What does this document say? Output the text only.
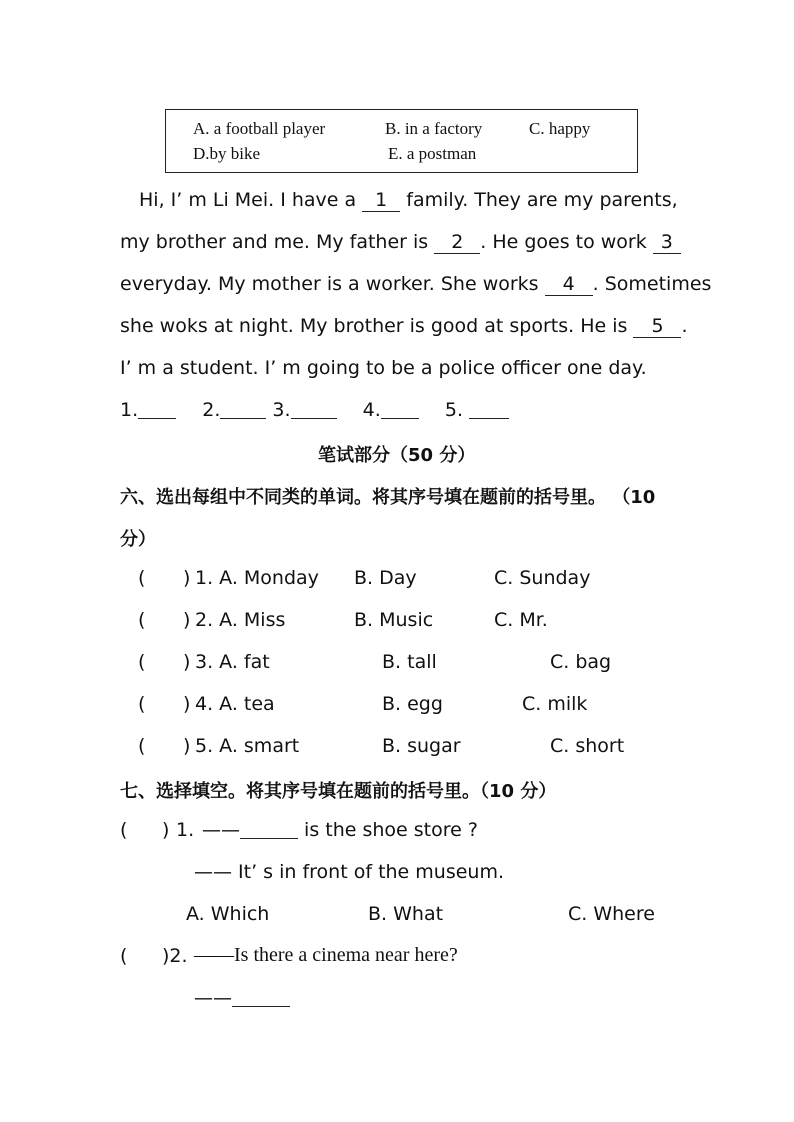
A. a football player	B. in a factory	C. happy
D.by bike	E. a postman
Hi, I’ m Li Mei. I have a 1 family. They are my parents,
my brother and me. My father is 2 . He goes to work 3
everyday. My mother is a worker. She works 4 . Sometimes
she woks at night. My brother is good at sports. He is 5 .
I’ m a student. I’ m going to be a police officer one day.
1.	2.	3.	4.	5.
笔试部分（50 分）
六、选出每组中不同类的单词。将其序号填在题前的括号里。 （10
分）
( ) 1. A. Monday B. Day	C. Sunday
( ) 2. A. Miss	B. Music	C. Mr.
( ) 3. A. fat	B. tall	C. bag
( ) 4. A. tea	B. egg	C. milk
( ) 5. A. smart	B. sugar	C. short
七、选择填空。将其序号填在题前的括号里。（10 分）
( ) 1. ——	is the shoe store ?
—— It’ s in front of the museum.
A. Which	B. What	C. Where
( )2. ——Is there a cinema near here?
——
